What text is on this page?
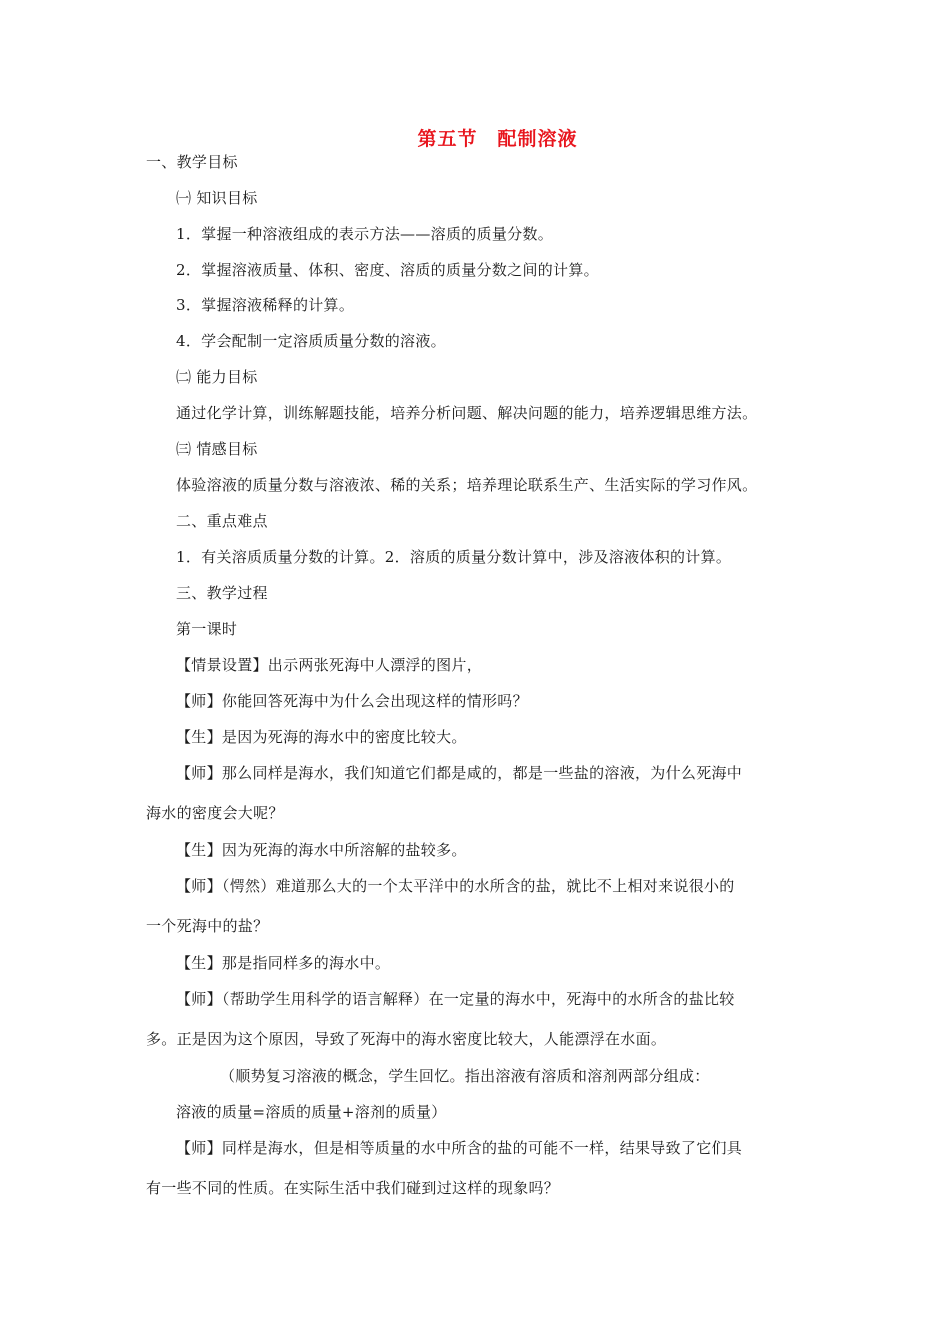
第五节　配制溶液
一、教学目标
㈠ 知识目标
1．掌握一种溶液组成的表示方法——溶质的质量分数。
2．掌握溶液质量、体积、密度、溶质的质量分数之间的计算。
3．掌握溶液稀释的计算。
4．学会配制一定溶质质量分数的溶液。
㈡ 能力目标
通过化学计算，训练解题技能，培养分析问题、解决问题的能力，培养逻辑思维方法。
㈢ 情感目标
体验溶液的质量分数与溶液浓、稀的关系；培养理论联系生产、生活实际的学习作风。
二、重点难点
1．有关溶质质量分数的计算。2．溶质的质量分数计算中，涉及溶液体积的计算。
三、教学过程
第一课时
【情景设置】出示两张死海中人漂浮的图片，
【师】你能回答死海中为什么会出现这样的情形吗？
【生】是因为死海的海水中的密度比较大。
【师】那么同样是海水，我们知道它们都是咸的，都是一些盐的溶液，为什么死海中
海水的密度会大呢？
【生】因为死海的海水中所溶解的盐较多。
【师】（愕然）难道那么大的一个太平洋中的水所含的盐，就比不上相对来说很小的
一个死海中的盐？
【生】那是指同样多的海水中。
【师】（帮助学生用科学的语言解释）在一定量的海水中，死海中的水所含的盐比较
多。正是因为这个原因，导致了死海中的海水密度比较大，人能漂浮在水面。
（顺势复习溶液的概念，学生回忆。指出溶液有溶质和溶剂两部分组成：
溶液的质量=溶质的质量+溶剂的质量）
【师】同样是海水，但是相等质量的水中所含的盐的可能不一样，结果导致了它们具
有一些不同的性质。在实际生活中我们碰到过这样的现象吗？
